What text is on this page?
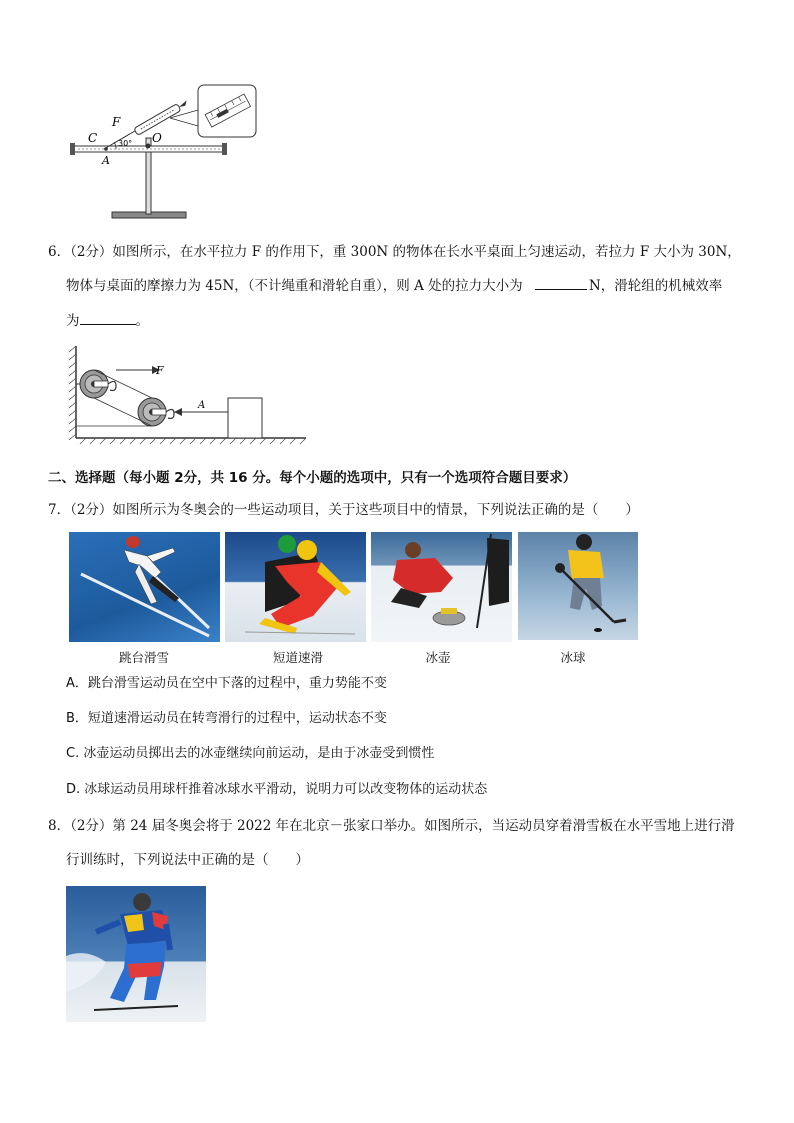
C
F
O
A
30°
6．（2分）如图所示，在水平拉力 F 的作用下，重 300N 的物体在长水平桌面上匀速运动，若拉力 F 大小为 30N，
物体与桌面的摩擦力为 45N，（不计绳重和滑轮自重），则 A 处的拉力大小为	N，滑轮组的机械效率
为	。
F
A
二、选择题（每小题 2分，共 16 分。每个小题的选项中，只有一个选项符合题目要求）
7．（2分）如图所示为冬奥会的一些运动项目，关于这些项目中的情景，下列说法正确的是（　　）
跳台滑雪	短道速滑	冰壶	冰球
A．跳台滑雪运动员在空中下落的过程中，重力势能不变
B．短道速滑运动员在转弯滑行的过程中，运动状态不变
C. 冰壶运动员掷出去的冰壶继续向前运动，是由于冰壶受到惯性
D. 冰球运动员用球杆推着冰球水平滑动，说明力可以改变物体的运动状态
8．（2分）第 24 届冬奥会将于 2022 年在北京－张家口举办。如图所示，当运动员穿着滑雪板在水平雪地上进行滑
行训练时，下列说法中正确的是（　　）
